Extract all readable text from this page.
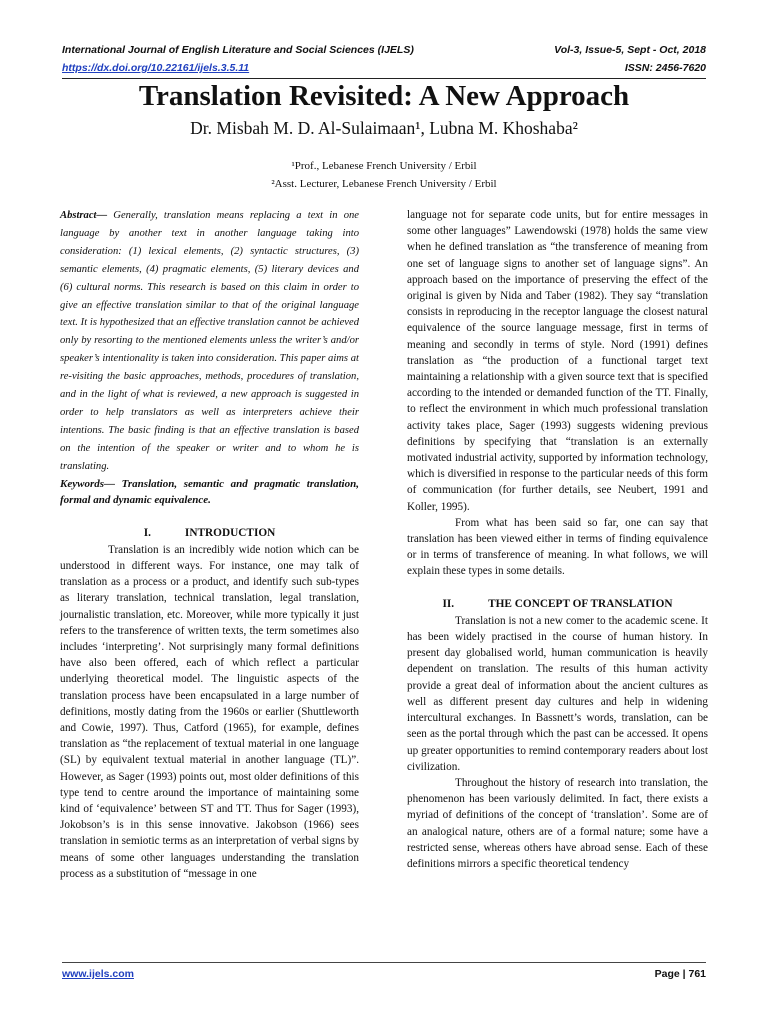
International Journal of English Literature and Social Sciences (IJELS)	Vol-3, Issue-5, Sept - Oct, 2018
https://dx.doi.org/10.22161/ijels.3.5.11	ISSN: 2456-7620
Translation Revisited: A New Approach
Dr. Misbah M. D. Al-Sulaimaan¹, Lubna M. Khoshaba²
¹Prof., Lebanese French University / Erbil
²Asst. Lecturer, Lebanese French University / Erbil

Abstract— Generally, translation means replacing a text in one language by another text in another language taking into consideration: (1) lexical elements, (2) syntactic structures, (3) semantic elements, (4) pragmatic elements, (5) literary devices and (6) cultural norms. This research is based on this claim in order to give an effective translation similar to that of the original language text. It is hypothesized that an effective translation cannot be achieved only by resorting to the mentioned elements unless the writer’s and/or speaker’s intentionality is taken into consideration. This paper aims at re-visiting the basic approaches, methods, procedures of translation, and in the light of what is reviewed, a new approach is suggested in order to help translators as well as interpreters achieve their intentions. The basic finding is that an effective translation is based on the intention of the speaker or writer and to whom he is translating.

Keywords— Translation, semantic and pragmatic translation, formal and dynamic equivalence.

I.	INTRODUCTION

Translation is an incredibly wide notion which can be understood in different ways. For instance, one may talk of translation as a process or a product, and identify such sub-types as literary translation, technical translation, legal translation, journalistic translation, etc. Moreover, while more typically it just refers to the transference of written texts, the term sometimes also includes ‘interpreting’. Not surprisingly many formal definitions have also been offered, each of which reflect a particular underlying theoretical model. The linguistic aspects of the translation process have been encapsulated in a large number of definitions, mostly dating from the 1960s or earlier (Shuttleworth and Cowie, 1997). Thus, Catford (1965), for example, defines translation as “the replacement of textual material in one language (SL) by equivalent textual material in another language (TL)”. However, as Sager (1993) points out, most older definitions of this type tend to centre around the importance of maintaining some kind of ‘equivalence’ between ST and TT. Thus for Sager (1993), Jokobson’s is in this sense innovative. Jakobson (1966) sees translation in semiotic terms as an interpretation of verbal signs by means of some other languages understanding the translation process as a substitution of “message in one

language not for separate code units, but for entire messages in some other languages” Lawendowski (1978) holds the same view when he defined translation as “the transference of meaning from one set of language signs to another set of language signs”. An approach based on the importance of preserving the effect of the original is given by Nida and Taber (1982). They say “translation consists in reproducing in the receptor language the closest natural equivalence of the source language message, first in terms of meaning and secondly in terms of style. Nord (1991) defines translation as “the production of a functional target text maintaining a relationship with a given source text that is specified according to the intended or demanded function of the TT. Finally, to reflect the environment in which much professional translation activity takes place, Sager (1993) suggests widening previous definitions by specifying that “translation is an externally motivated industrial activity, supported by information technology, which is diversified in response to the particular needs of this form of communication (for further details, see Neubert, 1991 and Koller, 1995).

From what has been said so far, one can say that translation has been viewed either in terms of finding equivalence or in terms of transference of meaning. In what follows, we will explain these types in some details.

II.	THE CONCEPT OF TRANSLATION

Translation is not a new comer to the academic scene. It has been widely practised in the course of human history. In present day globalised world, human communication is heavily dependent on translation. The results of this human activity provide a great deal of information about the ancient cultures as well as different present day cultures and help in widening intercultural exchanges. In Bassnett’s words, translation, can be seen as the portal through which the past can be accessed. It opens up greater opportunities to remind contemporary readers about lost civilization.

Throughout the history of research into translation, the phenomenon has been variously delimited. In fact, there exists a myriad of definitions of the concept of ‘translation’. Some are of an analogical nature, others are of a formal nature; some have a restricted sense, whereas others have abroad sense. Each of these definitions mirrors a specific theoretical tendency

www.ijels.com	Page | 761
